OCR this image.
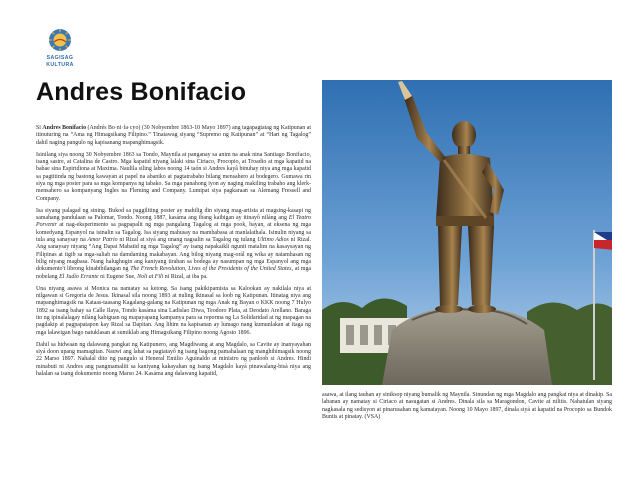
SAGISAG
KULTURA
Andres Bonifacio

Si Andres Bonifacio (Andrés Bo·ni·fa·cyo) (30 Nobyembre 1863-10 Mayo 1897) ang tagapagtatag ng Katipunan at itinuturing na “Ama ng Himagsikang Filipino.” Tinatawag siyang “Supremo ng Katipunan” at “Hari ng Tagalog” dahil naging pangulo ng kapisanang mapanghimagsik.

Isinilang siya noong 30 Nobyembre 1863 sa Tondo, Maynila at panganay sa anim na anak nina Santiago Bonifacio, isang sastre, at Catalina de Castro. Mga kapatid niyang lalaki sina Ciriaco, Procopio, at Troadio at mga kapatid na babae sina Espiridiona at Maxima. Naulila siling labos noong 14 taón si Andres kayâ binuhay niya ang mga kapatid sa pagtitinda ng bastong kawayan at papel na abaniko at pagtatrabaho bilang mensahero at bodegero. Gumawa rin siya ng mga poster para sa mga kompanya ng tabako. Sa mga panahong iyon ay naging makiling trabaho ang klerk-mensahero sa kompanyang Ingles na Fleming and Company. Lumipat siya pagkaraan sa Alemang Fressell and Company.

Isa siyang palagad ng sining. Bukod sa paggiliting poster ay mahilig din siyang mag-artista at magsing-kasapi ng samahang pandulaan sa Palomar, Tondo. Noong 1887, kasáma ang ibang kaibigan ay itinayô niláng ang El Teatro Porvenir at nag-eksperimento sa pagpapalit ng mga pangalang Tagalog at mga pook, bayan, at eksena ng mga komedyang Espanyol na isinalin sa Tagalog. Isa siyang mahusay na mambabasa at manlalathala. Isinulin niyang sa tula ang sanaysay na Amor Patrio ni Rizal at siyá ang unang nagsalin sa Tagalog ng tulang Ultimo Adios ni Rizal. Ang sanaysay niyang “Ang Dapat Mabatid ng mga Tagalog” ay isang napakaikli ngunit matalim na kasaysayan ng Filipinas at tigib sa mga-saliab na damdaming makabayan. Ang bilog niyang mag-orál ng wika ay natamhasan ng bilig niyang magbasa. Nang halughugin ang kaniyang tirahan sa bodega ay nasumpan ng mga Espanyol ang mga dokumento't librong kinabibilangan ng The French Revolution, Lives of the Presidents of the United States, at mga nobelang El Judío Errante ni Eugene Sue, Noli at Fili ni Rizal, at iba pa.

Una niyang asawa si Monica na namatay sa ketong. Sa isang pakikipamista sa Kalookan ay nakilala niya at nilgawan si Gregoria de Jesus. Ikinasal sila noong 1893 at nuling ikinasal sa loob ng Katipunan. Itinatag niya ang mapanghimagsik na Kataas-taasang Kagalang-galang na Katipunan ng mga Anak ng Bayan o KKK noong 7 Hulyo 1892 sa isang bahay sa Calle Ilaya, Tondo kasáma sina Ladislao Diwa, Teodoro Plata, at Deodato Arellano. Baraga ito ng ipinalalagay niláng kabiguan ng mapayapang kampanya para sa reporma ng La Solidaridad at ng mapagan na pagdakip at pagpapatapon kay Rizal sa Dapitan. Ang lihim na kapisanan ay lumago nang kumunlakan at itaga ng mga lalawigan bago natuklasan at sumiklab ang Himagsikang Filipino noong Agosto 1896.

Dahil sa hidwaan ng dalawang pangkat ng Katipunero, ang Magdiwang at ang Magdalo, sa Cavite ay inanyayahan siyá doon upang mamagitan. Nauwi ang lahat sa pagtatayô ng isang bagong pamahalaan ng manghihimagsik noong 22 Marso 1897. Nahalal dito ng pangulo si Heneral Emilio Aguinaldo at ministro ng panloob si Andres. Hindi minabuti ni Andres ang pangmamaliit sa kaniyang kakayahan ng isang Magdalo kayá pinawalang-bisà niya ang halalan sa isang dokumento noong Marso 24. Kasáma ang dalawang kapatid,

asawa, at ilang tauhan ay siniksop niyang bumalik ng Maynila. Sinundan ng mga Magdalo ang pangkat niya at dinakip. Sa labanan ay namatay si Ciriaco at nasugatan si Andres. Dinala sila sa Maragondon, Cavite at nilitis. Nahatulan siyang nagkasala ng sedisyon at pinarusahan ng kamatayan. Noong 10 Mayo 1897, dinala siyá at kapatid na Procopio sa Bundok Buntis at pinatay. (VSA)
